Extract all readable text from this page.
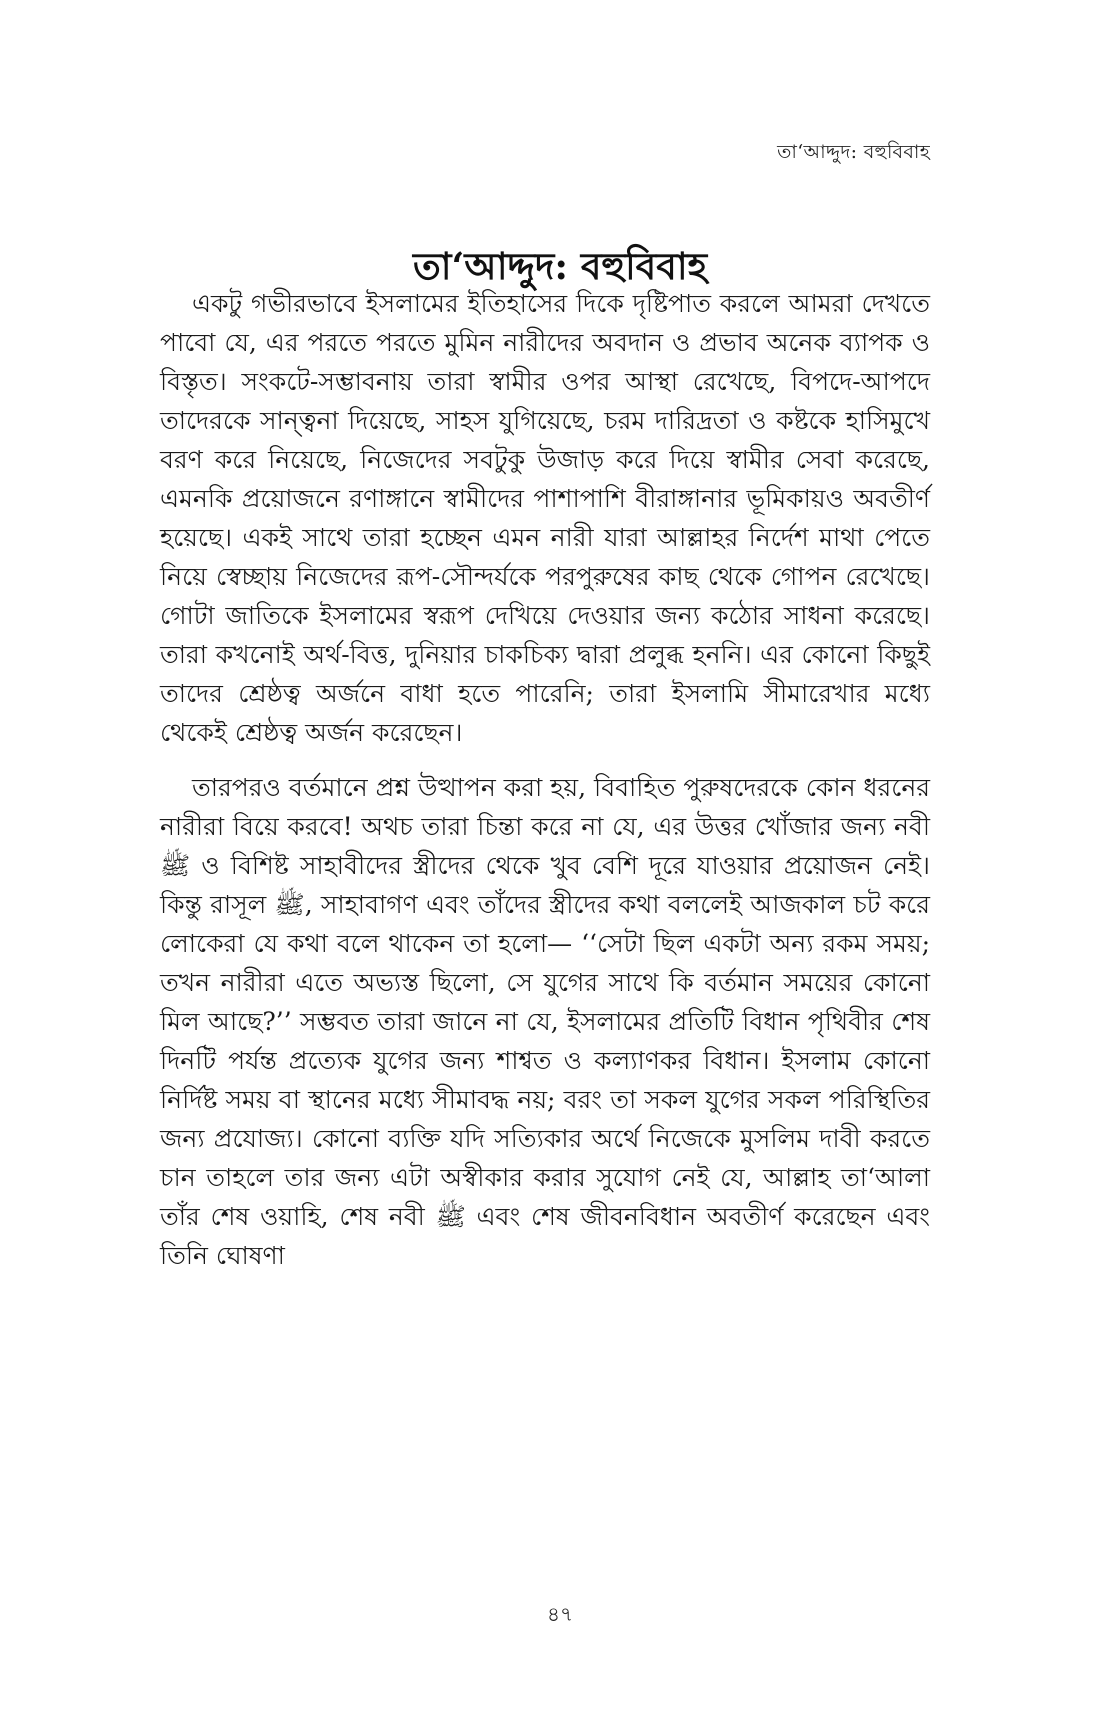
তা‘আদ্দুদ: বহুবিবাহ
তা‘আদ্দুদ: বহুবিবাহ

একটু গভীরভাবে ইসলামের ইতিহাসের দিকে দৃষ্টিপাত করলে আমরা দেখতে পাবো যে, এর পরতে পরতে মুমিন নারীদের অবদান ও প্রভাব অনেক ব্যাপক ও বিস্তৃত। সংকটে-সম্ভাবনায় তারা স্বামীর ওপর আস্থা রেখেছে, বিপদে-আপদে তাদেরকে সান্ত্বনা দিয়েছে, সাহস যুগিয়েছে, চরম দারিদ্রতা ও কষ্টকে হাসিমুখে বরণ করে নিয়েছে, নিজেদের সবটুকু উজাড় করে দিয়ে স্বামীর সেবা করেছে, এমনকি প্রয়োজনে রণাঙ্গানে স্বামীদের পাশাপাশি বীরাঙ্গানার ভূমিকায়ও অবতীর্ণ হয়েছে। একই সাথে তারা হচ্ছেন এমন নারী যারা আল্লাহর নির্দেশ মাথা পেতে নিয়ে স্বেচ্ছায় নিজেদের রূপ-সৌন্দর্যকে পরপুরুষের কাছ থেকে গোপন রেখেছে। গোটা জাতিকে ইসলামের স্বরূপ দেখিয়ে দেওয়ার জন্য কঠোর সাধনা করেছে। তারা কখনোই অর্থ-বিত্ত, দুনিয়ার চাকচিক্য দ্বারা প্রলুব্ধ হননি। এর কোনো কিছুই তাদের শ্রেষ্ঠত্ব অর্জনে বাধা হতে পারেনি; তারা ইসলামি সীমারেখার মধ্যে থেকেই শ্রেষ্ঠত্ব অর্জন করেছেন।

তারপরও বর্তমানে প্রশ্ন উত্থাপন করা হয়, বিবাহিত পুরুষদেরকে কোন ধরনের নারীরা বিয়ে করবে! অথচ তারা চিন্তা করে না যে, এর উত্তর খোঁজার জন্য নবী ﷺ ও বিশিষ্ট সাহাবীদের স্ত্রীদের থেকে খুব বেশি দূরে যাওয়ার প্রয়োজন নেই। কিন্তু রাসূল ﷺ, সাহাবাগণ এবং তাঁদের স্ত্রীদের কথা বললেই আজকাল চট করে লোকেরা যে কথা বলে থাকেন তা হলো— ‘‘সেটা ছিল একটা অন্য রকম সময়; তখন নারীরা এতে অভ্যস্ত ছিলো, সে যুগের সাথে কি বর্তমান সময়ের কোনো মিল আছে?’’ সম্ভবত তারা জানে না যে, ইসলামের প্রতিটি বিধান পৃথিবীর শেষ দিনটি পর্যন্ত প্রত্যেক যুগের জন্য শাশ্বত ও কল্যাণকর বিধান। ইসলাম কোনো নির্দিষ্ট সময় বা স্থানের মধ্যে সীমাবদ্ধ নয়; বরং তা সকল যুগের সকল পরিস্থিতির জন্য প্রযোজ্য। কোনো ব্যক্তি যদি সত্যিকার অর্থে নিজেকে মুসলিম দাবী করতে চান তাহলে তার জন্য এটা অস্বীকার করার সুযোগ নেই যে, আল্লাহ তা‘আলা তাঁর শেষ ওয়াহি, শেষ নবী ﷺ এবং শেষ জীবনবিধান অবতীর্ণ করেছেন এবং তিনি ঘোষণা

৪৭
